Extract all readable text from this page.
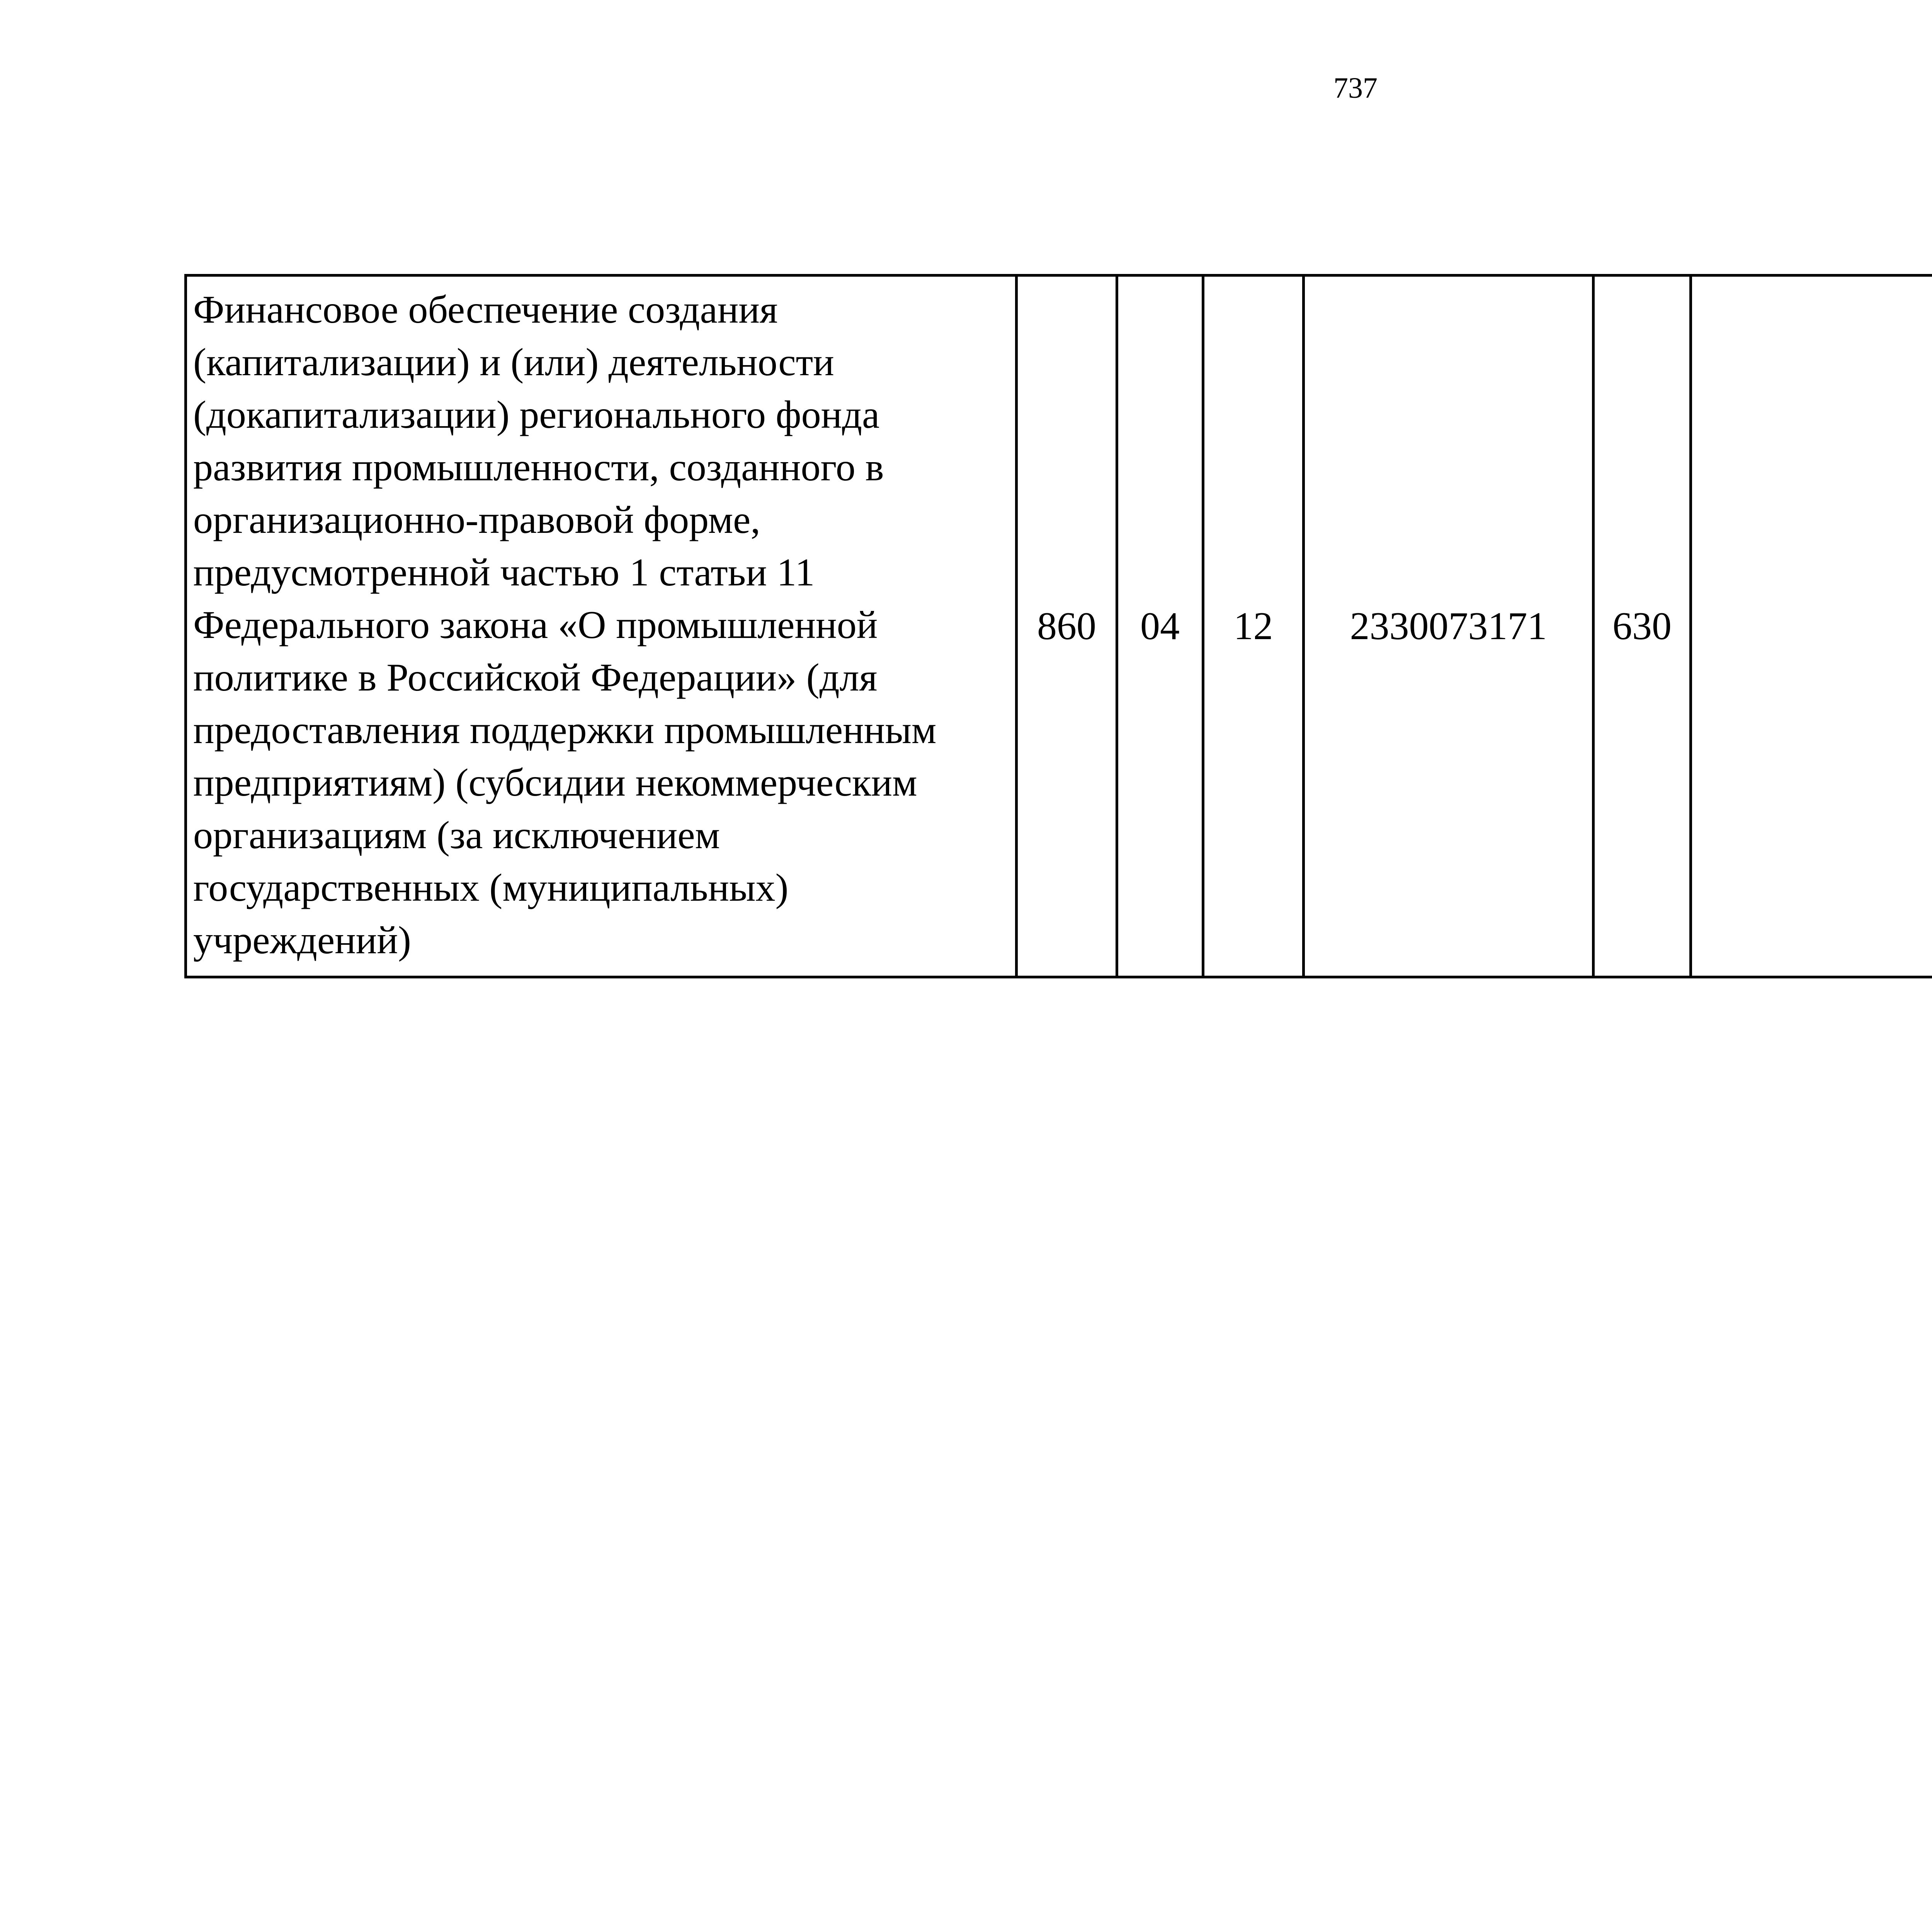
737
Финансовое обеспечение создания (капитализации) и (или) деятельности (докапитализации) регионального фонда развития промышленности, созданного в организационно-правовой форме, предусмотренной частью 1 статьи 11 Федерального закона «О промышленной политике в Российской Федерации» (для предоставления поддержки промышленным предприятиям) (субсидии некоммерческим организациям (за исключением государственных (муниципальных) учреждений)	860	04	12	2330073171	630			
